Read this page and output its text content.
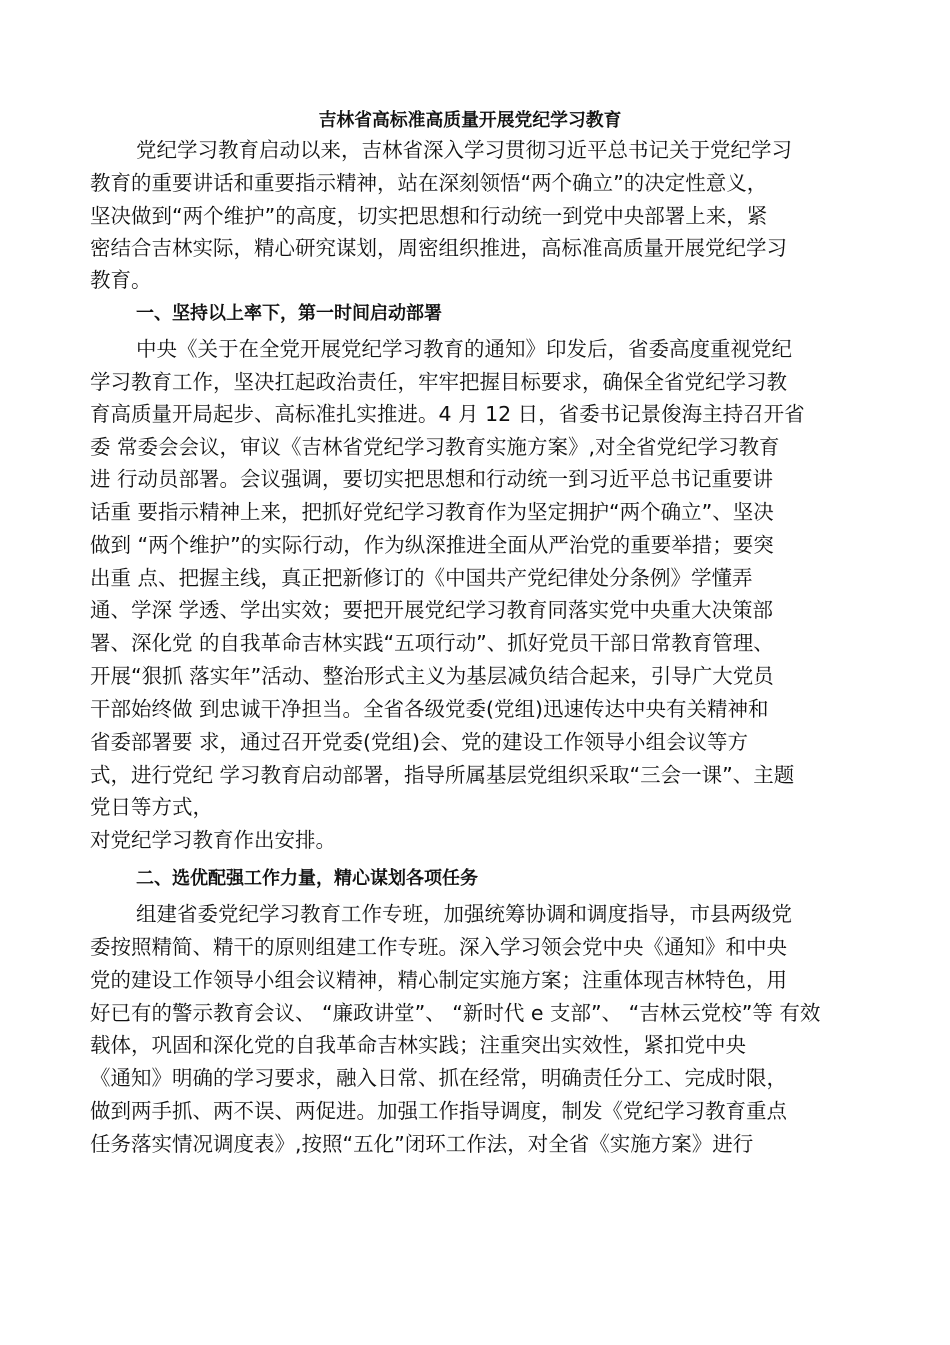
吉林省高标准高质量开展党纪学习教育
党纪学习教育启动以来，吉林省深入学习贯彻习近平总书记关于党纪学习
教育的重要讲话和重要指示精神，站在深刻领悟“两个确立”的决定性意义，
坚决做到“两个维护”的高度，切实把思想和行动统一到党中央部署上来，紧
密结合吉林实际，精心研究谋划，周密组织推进，高标准高质量开展党纪学习
教育。
一、坚持以上率下，第一时间启动部署
中央《关于在全党开展党纪学习教育的通知》印发后，省委高度重视党纪
学习教育工作，坚决扛起政治责任，牢牢把握目标要求，确保全省党纪学习教
育高质量开局起步、高标准扎实推进。4 月 12 日，省委书记景俊海主持召开省
委 常委会会议，审议《吉林省党纪学习教育实施方案》,对全省党纪学习教育
进 行动员部署。会议强调，要切实把思想和行动统一到习近平总书记重要讲
话重 要指示精神上来，把抓好党纪学习教育作为坚定拥护“两个确立”、坚决
做到 “两个维护”的实际行动，作为纵深推进全面从严治党的重要举措；要突
出重 点、把握主线，真正把新修订的《中国共产党纪律处分条例》学懂弄
通、学深 学透、学出实效；要把开展党纪学习教育同落实党中央重大决策部
署、深化党 的自我革命吉林实践“五项行动”、抓好党员干部日常教育管理、
开展“狠抓 落实年”活动、整治形式主义为基层减负结合起来，引导广大党员
干部始终做 到忠诚干净担当。全省各级党委(党组)迅速传达中央有关精神和
省委部署要 求，通过召开党委(党组)会、党的建设工作领导小组会议等方
式，进行党纪 学习教育启动部署，指导所属基层党组织采取“三会一课”、主题
党日等方式，
对党纪学习教育作出安排。
二、选优配强工作力量，精心谋划各项任务
组建省委党纪学习教育工作专班，加强统筹协调和调度指导，市县两级党
委按照精简、精干的原则组建工作专班。深入学习领会党中央《通知》和中央
党的建设工作领导小组会议精神，精心制定实施方案；注重体现吉林特色，用
好已有的警示教育会议、 “廉政讲堂”、 “新时代 e 支部”、 “吉林云党校”等 有效
载体，巩固和深化党的自我革命吉林实践；注重突出实效性，紧扣党中央
《通知》明确的学习要求，融入日常、抓在经常，明确责任分工、完成时限，
做到两手抓、两不误、两促进。加强工作指导调度，制发《党纪学习教育重点
任务落实情况调度表》,按照“五化”闭环工作法，对全省《实施方案》进行
